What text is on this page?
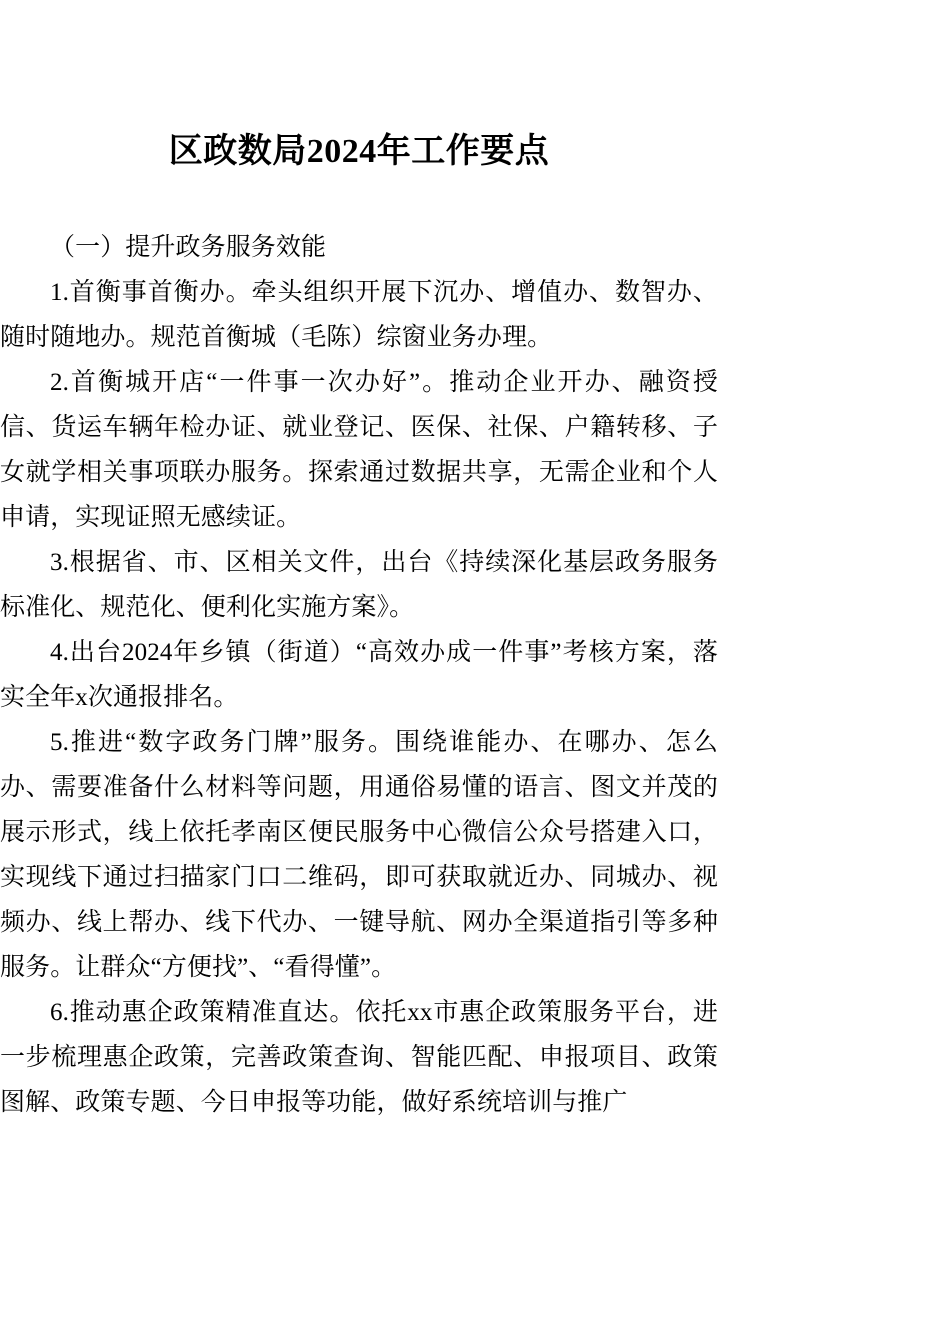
区政数局2024年工作要点

（一）提升政务服务效能

1.首衡事首衡办。牵头组织开展下沉办、增值办、数智办、随时随地办。规范首衡城（毛陈）综窗业务办理。

2.首衡城开店“一件事一次办好”。推动企业开办、融资授信、货运车辆年检办证、就业登记、医保、社保、户籍转移、子女就学相关事项联办服务。探索通过数据共享，无需企业和个人申请，实现证照无感续证。

3.根据省、市、区相关文件，出台《持续深化基层政务服务标准化、规范化、便利化实施方案》。

4.出台2024年乡镇（街道）“高效办成一件事”考核方案，落实全年x次通报排名。

5.推进“数字政务门牌”服务。围绕谁能办、在哪办、怎么办、需要准备什么材料等问题，用通俗易懂的语言、图文并茂的展示形式，线上依托孝南区便民服务中心微信公众号搭建入口，实现线下通过扫描家门口二维码，即可获取就近办、同城办、视频办、线上帮办、线下代办、一键导航、网办全渠道指引等多种服务。让群众“方便找”、“看得懂”。

6.推动惠企政策精准直达。依托xx市惠企政策服务平台，进一步梳理惠企政策，完善政策查询、智能匹配、申报项目、政策图解、政策专题、今日申报等功能，做好系统培训与推广
